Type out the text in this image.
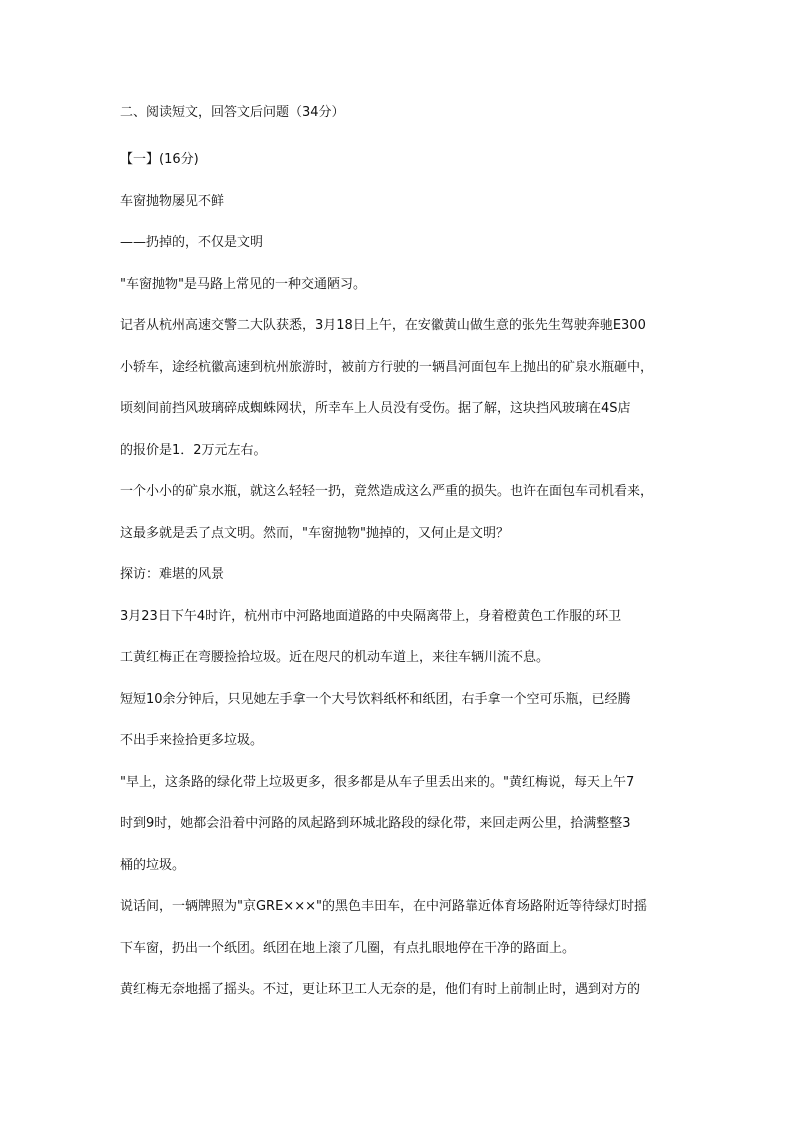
二、阅读短文，回答文后问题（34分）

【一】(16分)

车窗抛物屡见不鲜

——扔掉的，不仅是文明

"车窗抛物"是马路上常见的一种交通陋习。

记者从杭州高速交警二大队获悉，3月18日上午，在安徽黄山做生意的张先生驾驶奔驰E300

小轿车，途经杭徽高速到杭州旅游时，被前方行驶的一辆昌河面包车上抛出的矿泉水瓶砸中，

顷刻间前挡风玻璃碎成蜘蛛网状，所幸车上人员没有受伤。据了解，这块挡风玻璃在4S店

的报价是1．2万元左右。

一个小小的矿泉水瓶，就这么轻轻一扔，竟然造成这么严重的损失。也许在面包车司机看来，

这最多就是丢了点文明。然而，"车窗抛物"抛掉的，又何止是文明？

探访：难堪的风景

3月23日下午4时许，杭州市中河路地面道路的中央隔离带上，身着橙黄色工作服的环卫

工黄红梅正在弯腰捡拾垃圾。近在咫尺的机动车道上，来往车辆川流不息。

短短10余分钟后，只见她左手拿一个大号饮料纸杯和纸团，右手拿一个空可乐瓶，已经腾

不出手来捡拾更多垃圾。

"早上，这条路的绿化带上垃圾更多，很多都是从车子里丢出来的。"黄红梅说，每天上午7

时到9时，她都会沿着中河路的凤起路到环城北路段的绿化带，来回走两公里，拾满整整3

桶的垃圾。

说话间，一辆牌照为"京GRE×××"的黑色丰田车，在中河路靠近体育场路附近等待绿灯时摇

下车窗，扔出一个纸团。纸团在地上滚了几圈，有点扎眼地停在干净的路面上。

黄红梅无奈地摇了摇头。不过，更让环卫工人无奈的是，他们有时上前制止时，遇到对方的
